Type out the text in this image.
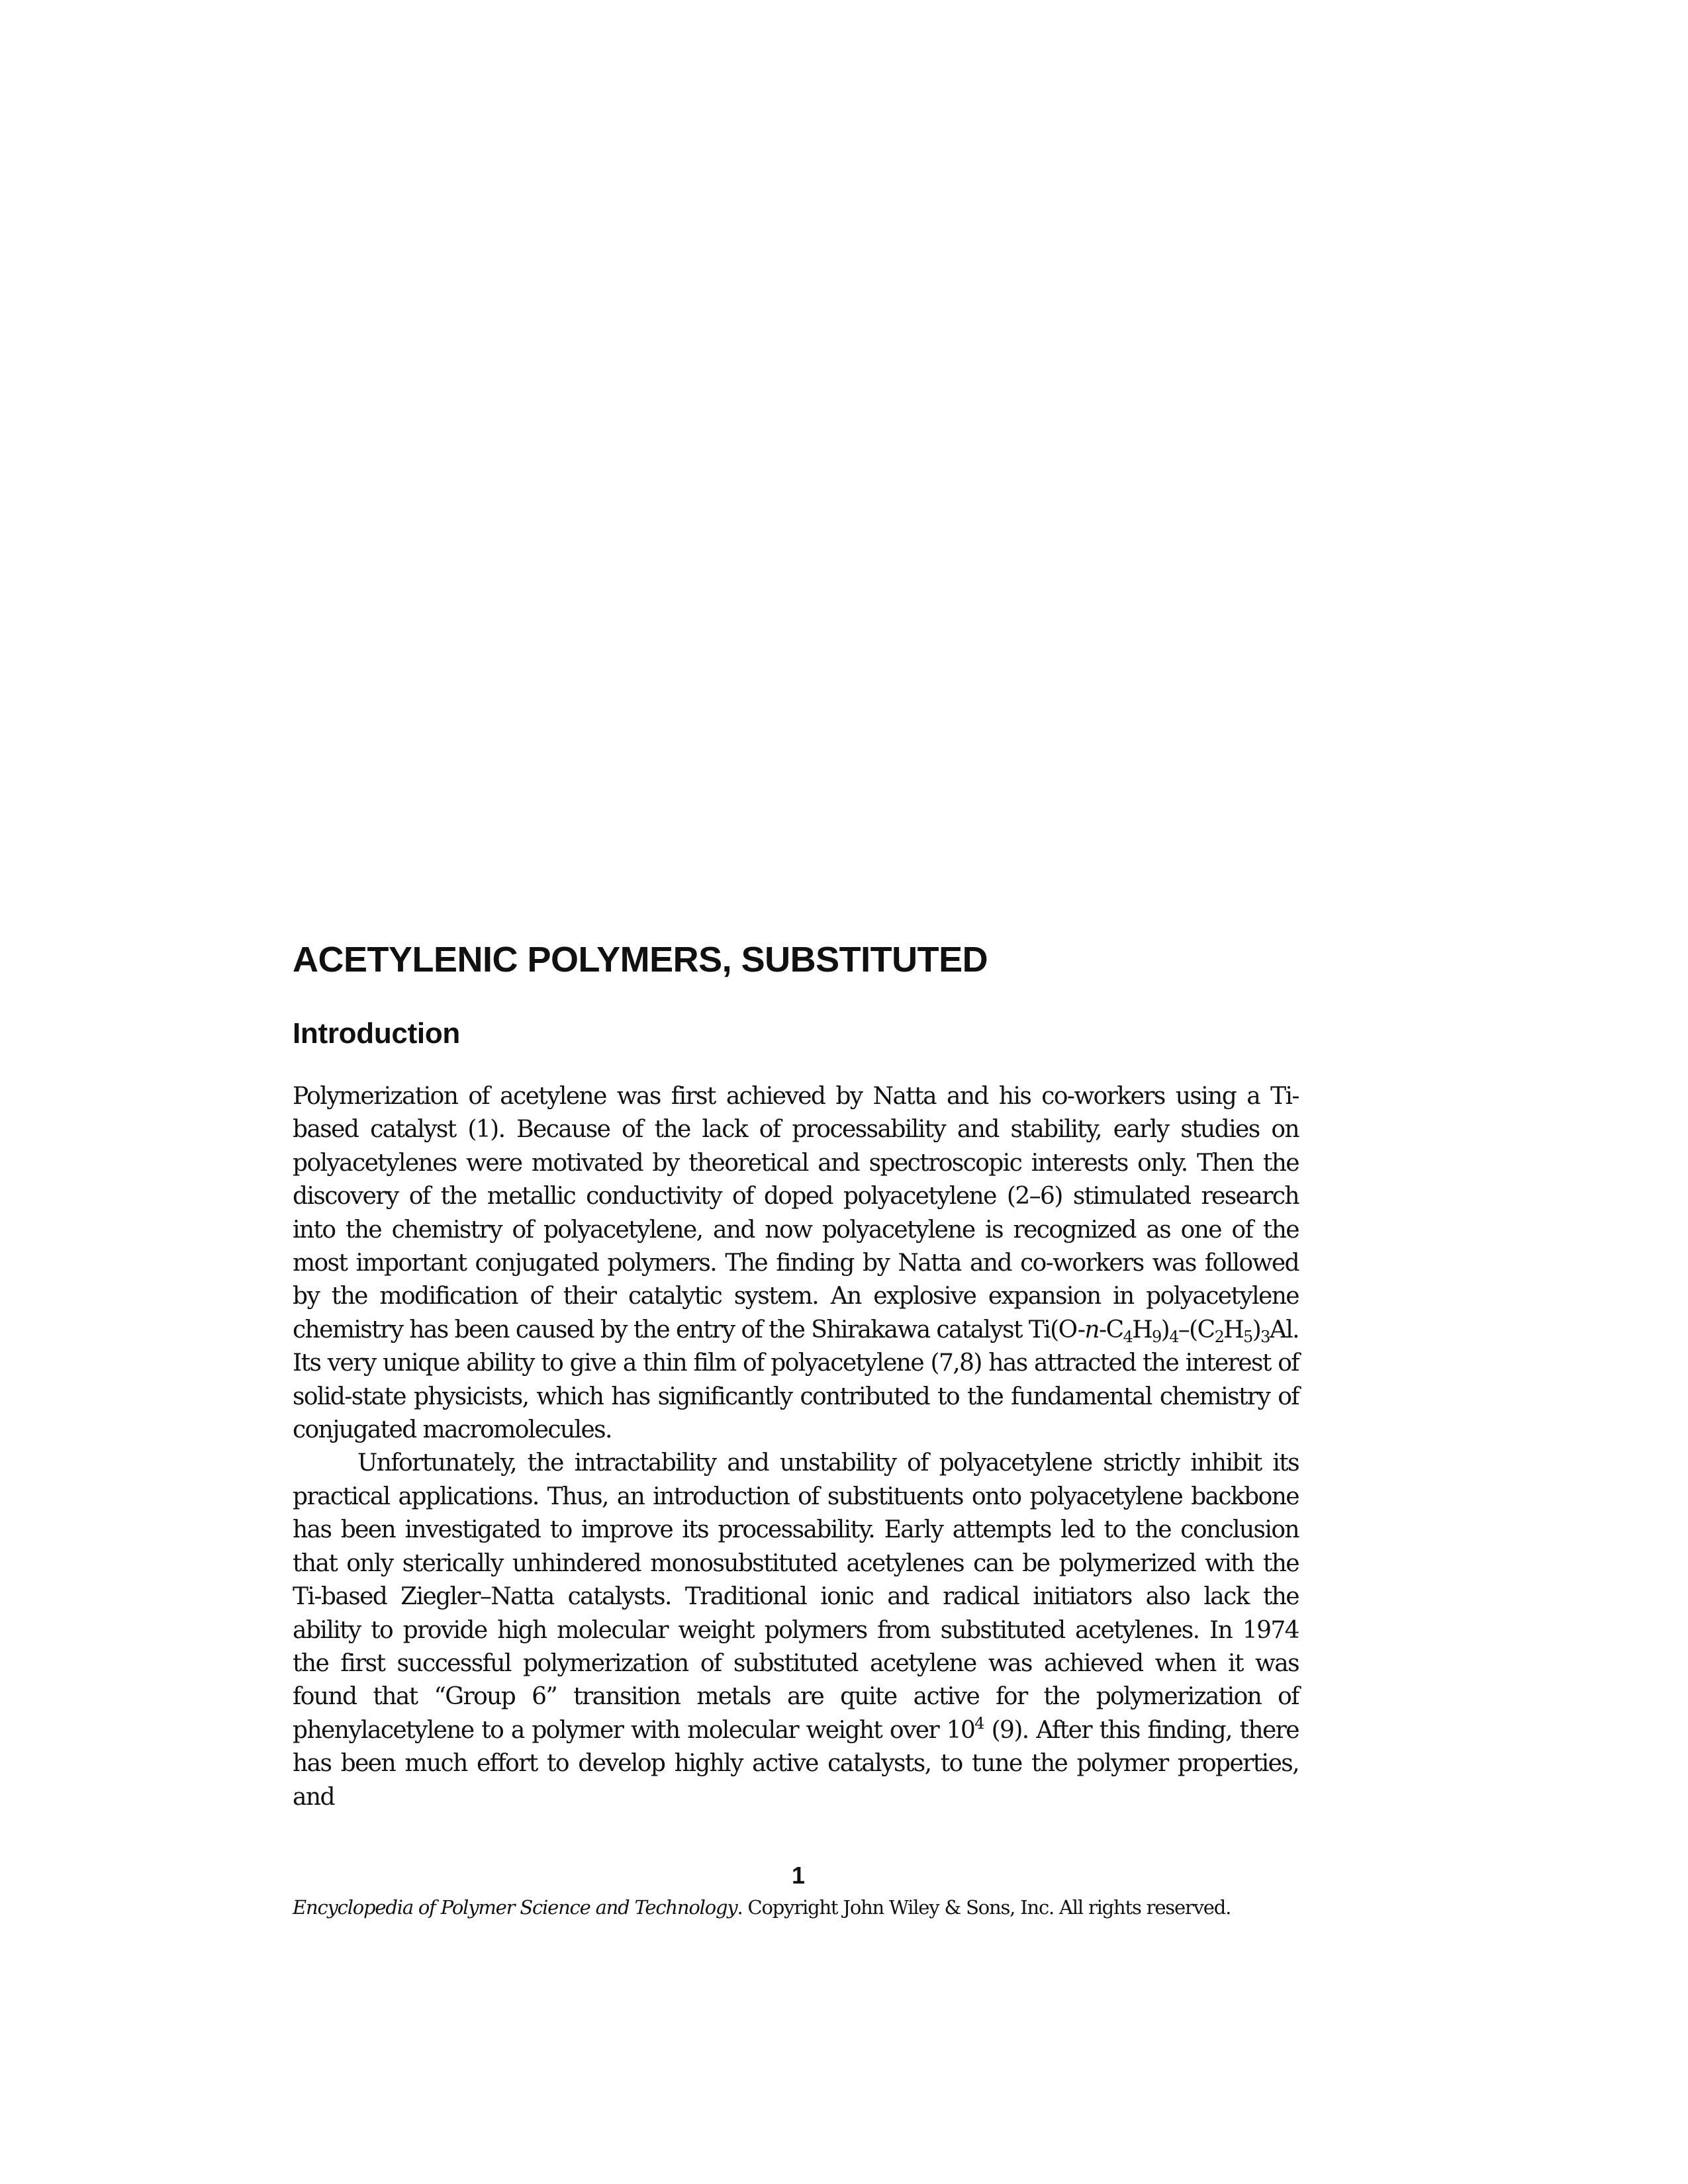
ACETYLENIC POLYMERS, SUBSTITUTED
Introduction

Polymerization of acetylene was first achieved by Natta and his co-workers using a Ti-based catalyst (1). Because of the lack of processability and stability, early studies on polyacetylenes were motivated by theoretical and spectroscopic interests only. Then the discovery of the metallic conductivity of doped polyacetylene (2–6) stimulated research into the chemistry of polyacetylene, and now polyacetylene is recognized as one of the most important conjugated polymers. The finding by Natta and co-workers was followed by the modification of their catalytic system. An explosive expansion in polyacetylene chemistry has been caused by the entry of the Shirakawa catalyst $Ti(O-n-C_4H_9)_4-(C_2H_5)_3Al$. Its very unique ability to give a thin film of polyacetylene (7,8) has attracted the interest of solid-state physicists, which has significantly contributed to the fundamental chemistry of conjugated macromolecules.

Unfortunately, the intractability and unstability of polyacetylene strictly inhibit its practical applications. Thus, an introduction of substituents onto polyacetylene backbone has been investigated to improve its processability. Early attempts led to the conclusion that only sterically unhindered monosubstituted acetylenes can be polymerized with the Ti-based Ziegler–Natta catalysts. Traditional ionic and radical initiators also lack the ability to provide high molecular weight polymers from substituted acetylenes. In 1974 the first successful polymerization of substituted acetylene was achieved when it was found that “Group 6” transition metals are quite active for the polymerization of phenylacetylene to a polymer with molecular weight over $10^4$ (9). After this finding, there has been much effort to develop highly active catalysts, to tune the polymer properties, and

1
Encyclopedia of Polymer Science and Technology. Copyright John Wiley & Sons, Inc. All rights reserved.
